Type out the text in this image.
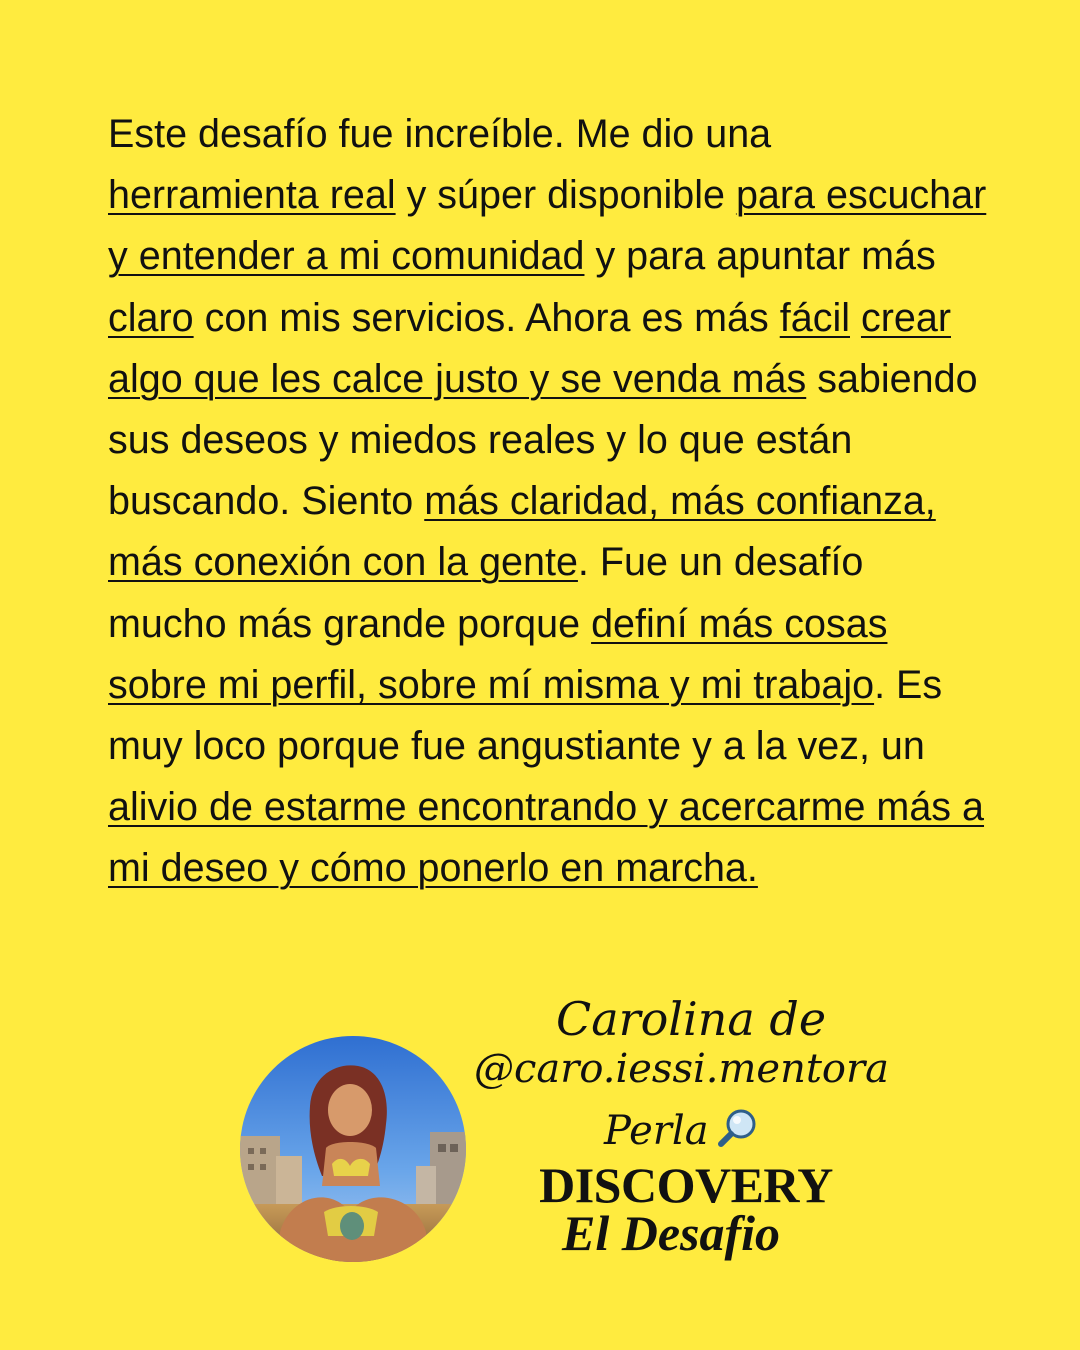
Este desafío fue increíble. Me dio una herramienta real y súper disponible para escuchar y entender a mi comunidad y para apuntar más claro con mis servicios. Ahora es más fácil crear algo que les calce justo y se venda más sabiendo sus deseos y miedos reales y lo que están buscando. Siento más claridad, más confianza, más conexión con la gente. Fue un desafío mucho más grande porque definí más cosas sobre mi perfil, sobre mí misma y mi trabajo. Es muy loco porque fue angustiante y a la vez, un alivio de estarme encontrando y acercarme más a mi deseo y cómo ponerlo en marcha.

Carolina de
@caro.iessi.mentora
Perla
DISCOVERY
El Desafio
